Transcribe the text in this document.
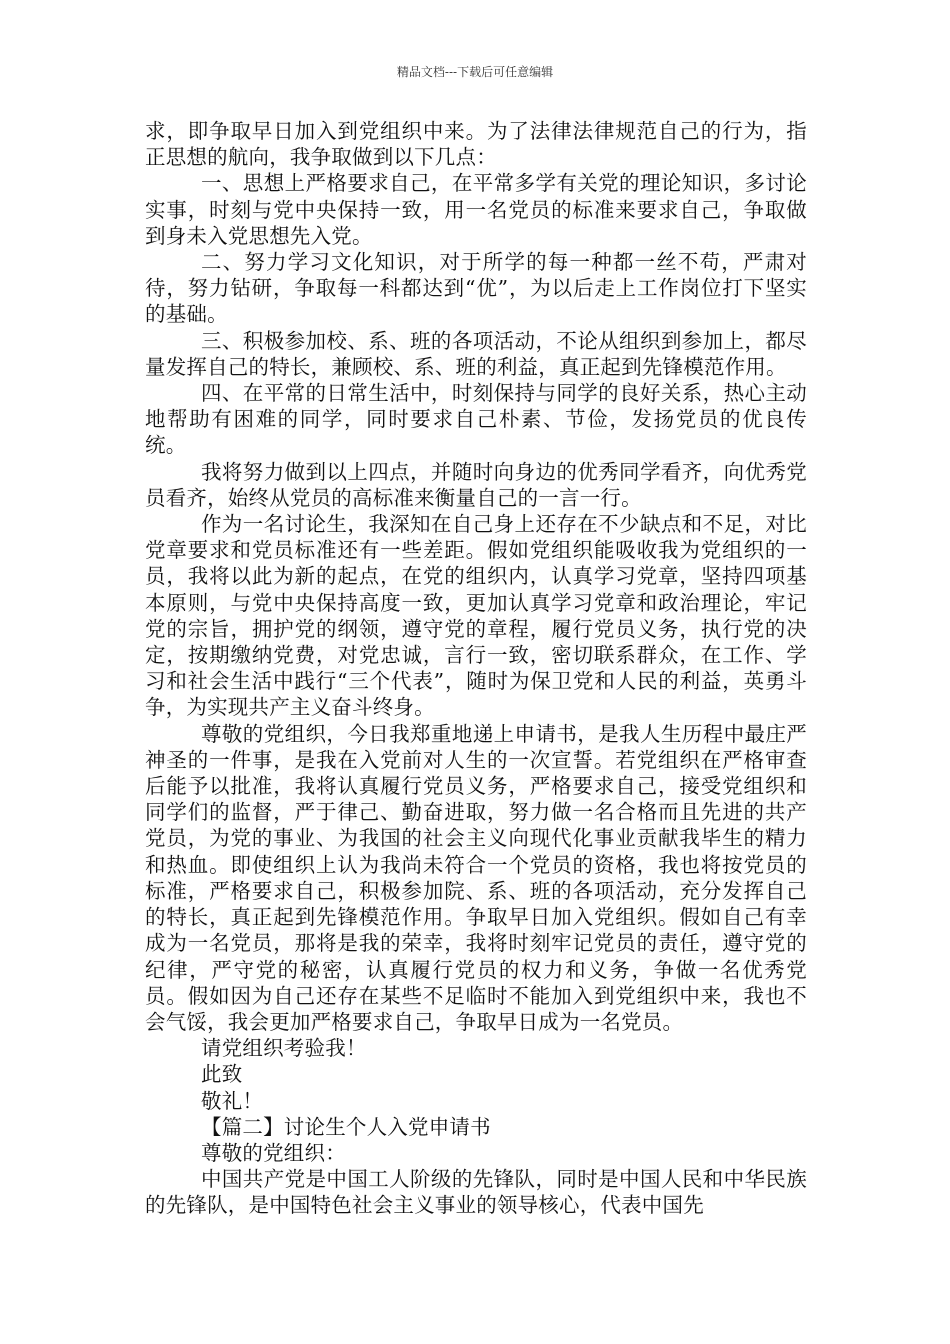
精品文档---下载后可任意编辑

求，即争取早日加入到党组织中来。为了法律法律规范自己的行为，指正思想的航向，我争取做到以下几点：

一、思想上严格要求自己，在平常多学有关党的理论知识，多讨论实事，时刻与党中央保持一致，用一名党员的标准来要求自己，争取做到身未入党思想先入党。

二、努力学习文化知识，对于所学的每一种都一丝不苟，严肃对待，努力钻研，争取每一科都达到“优”，为以后走上工作岗位打下坚实的基础。

三、积极参加校、系、班的各项活动，不论从组织到参加上，都尽量发挥自己的特长，兼顾校、系、班的利益，真正起到先锋模范作用。

四、在平常的日常生活中，时刻保持与同学的良好关系，热心主动地帮助有困难的同学，同时要求自己朴素、节俭，发扬党员的优良传统。

我将努力做到以上四点，并随时向身边的优秀同学看齐，向优秀党员看齐，始终从党员的高标准来衡量自己的一言一行。

作为一名讨论生，我深知在自己身上还存在不少缺点和不足，对比党章要求和党员标准还有一些差距。假如党组织能吸收我为党组织的一员，我将以此为新的起点，在党的组织内，认真学习党章，坚持四项基本原则，与党中央保持高度一致，更加认真学习党章和政治理论，牢记党的宗旨，拥护党的纲领，遵守党的章程，履行党员义务，执行党的决定，按期缴纳党费，对党忠诚，言行一致，密切联系群众，在工作、学习和社会生活中践行“三个代表”，随时为保卫党和人民的利益，英勇斗争，为实现共产主义奋斗终身。

尊敬的党组织，今日我郑重地递上申请书，是我人生历程中最庄严神圣的一件事，是我在入党前对人生的一次宣誓。若党组织在严格审查后能予以批准，我将认真履行党员义务，严格要求自己，接受党组织和同学们的监督，严于律己、勤奋进取，努力做一名合格而且先进的共产党员，为党的事业、为我国的社会主义向现代化事业贡献我毕生的精力和热血。即使组织上认为我尚未符合一个党员的资格，我也将按党员的标准，严格要求自己，积极参加院、系、班的各项活动，充分发挥自己的特长，真正起到先锋模范作用。争取早日加入党组织。假如自己有幸成为一名党员，那将是我的荣幸，我将时刻牢记党员的责任，遵守党的纪律，严守党的秘密，认真履行党员的权力和义务，争做一名优秀党员。假如因为自己还存在某些不足临时不能加入到党组织中来，我也不会气馁，我会更加严格要求自己，争取早日成为一名党员。

请党组织考验我！

此致

敬礼！

【篇二】讨论生个人入党申请书

尊敬的党组织：

中国共产党是中国工人阶级的先锋队，同时是中国人民和中华民族的先锋队，是中国特色社会主义事业的领导核心，代表中国先
